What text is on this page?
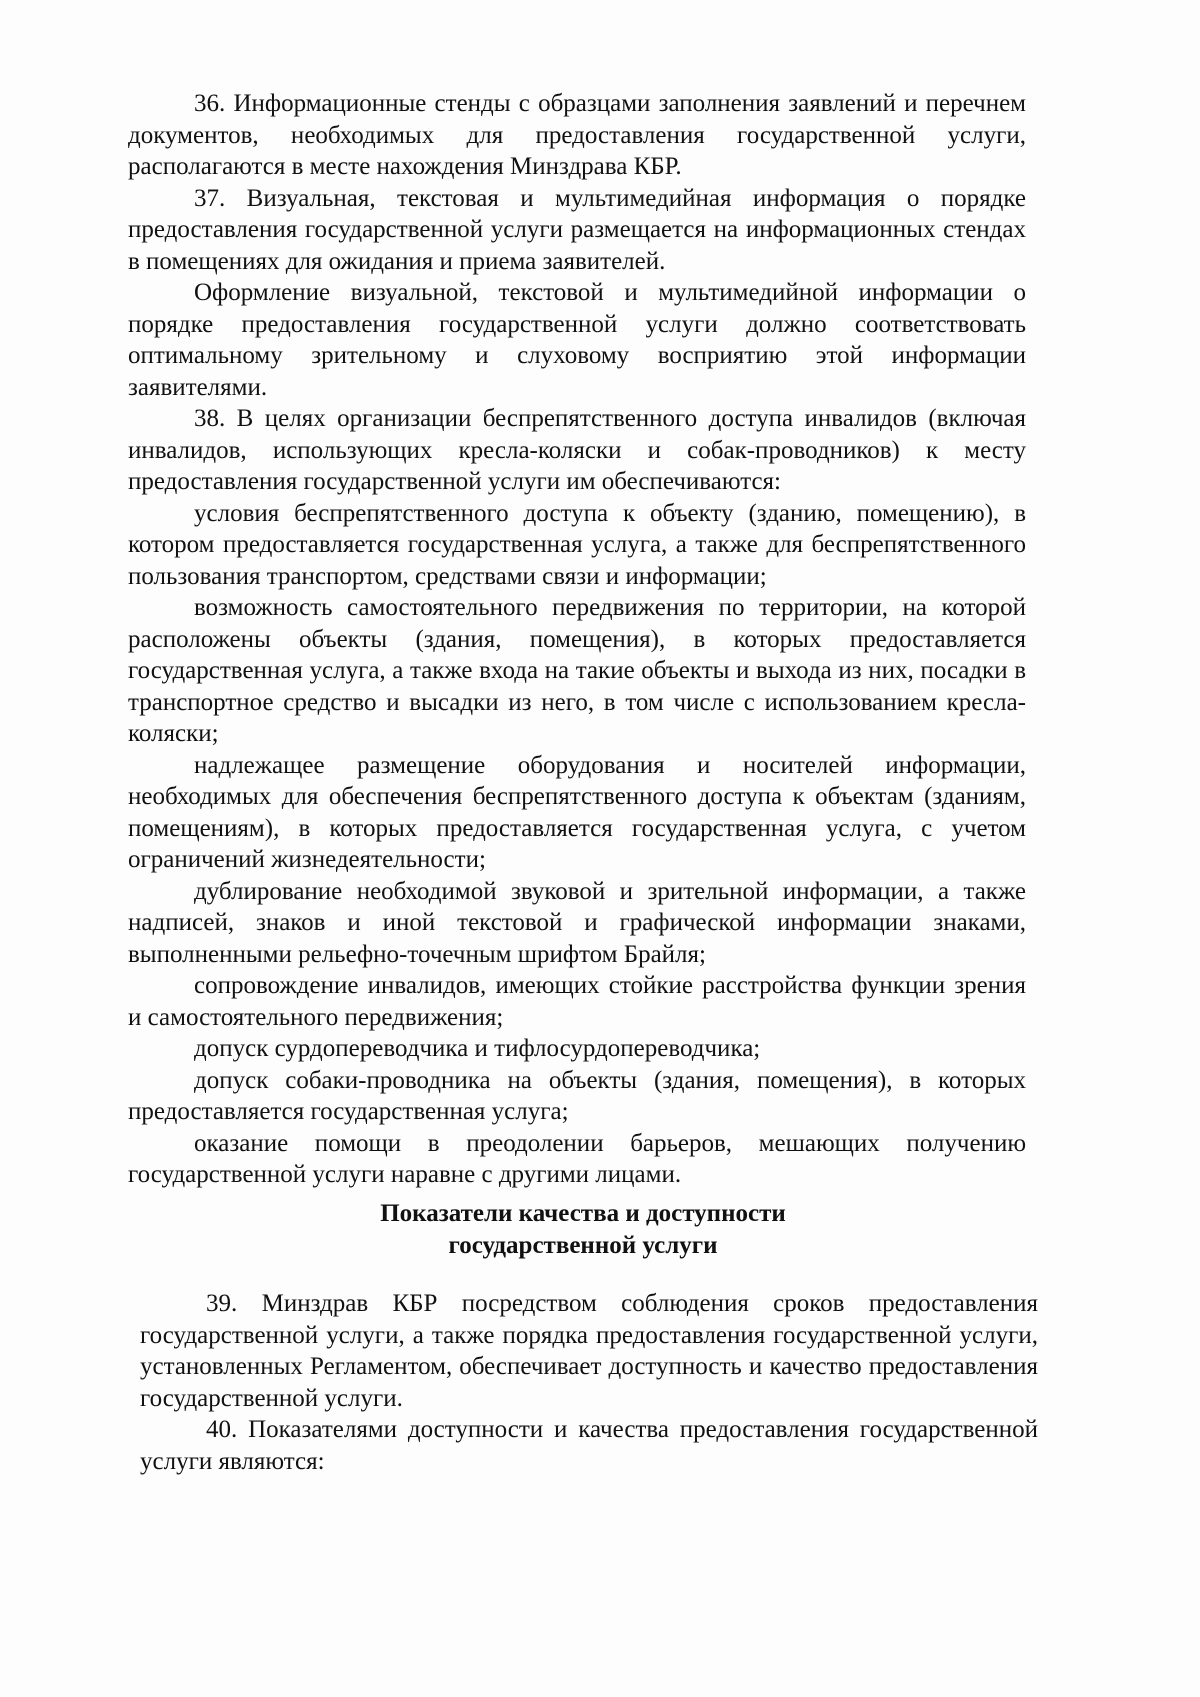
36. Информационные стенды с образцами заполнения заявлений и перечнем документов, необходимых для предоставления государственной услуги, располагаются в месте нахождения Минздрава КБР.

37. Визуальная, текстовая и мультимедийная информация о порядке предоставления государственной услуги размещается на информационных стендах в помещениях для ожидания и приема заявителей.

Оформление визуальной, текстовой и мультимедийной информации о порядке предоставления государственной услуги должно соответствовать оптимальному зрительному и слуховому восприятию этой информации заявителями.

38. В целях организации беспрепятственного доступа инвалидов (включая инвалидов, использующих кресла-коляски и собак-проводников) к месту предоставления государственной услуги им обеспечиваются:

условия беспрепятственного доступа к объекту (зданию, помещению), в котором предоставляется государственная услуга, а также для беспрепятственного пользования транспортом, средствами связи и информации;

возможность самостоятельного передвижения по территории, на которой расположены объекты (здания, помещения), в которых предоставляется государственная услуга, а также входа на такие объекты и выхода из них, посадки в транспортное средство и высадки из него, в том числе с использованием кресла-коляски;

надлежащее размещение оборудования и носителей информации, необходимых для обеспечения беспрепятственного доступа к объектам (зданиям, помещениям), в которых предоставляется государственная услуга, с учетом ограничений жизнедеятельности;

дублирование необходимой звуковой и зрительной информации, а также надписей, знаков и иной текстовой и графической информации знаками, выполненными рельефно-точечным шрифтом Брайля;

сопровождение инвалидов, имеющих стойкие расстройства функции зрения и самостоятельного передвижения;

допуск сурдопереводчика и тифлосурдопереводчика;

допуск собаки-проводника на объекты (здания, помещения), в которых предоставляется государственная услуга;

оказание помощи в преодолении барьеров, мешающих получению государственной услуги наравне с другими лицами.

Показатели качества и доступности
государственной услуги

39. Минздрав КБР посредством соблюдения сроков предоставления государственной услуги, а также порядка предоставления государственной услуги, установленных Регламентом, обеспечивает доступность и качество предоставления государственной услуги.

40. Показателями доступности и качества предоставления государственной услуги являются:
